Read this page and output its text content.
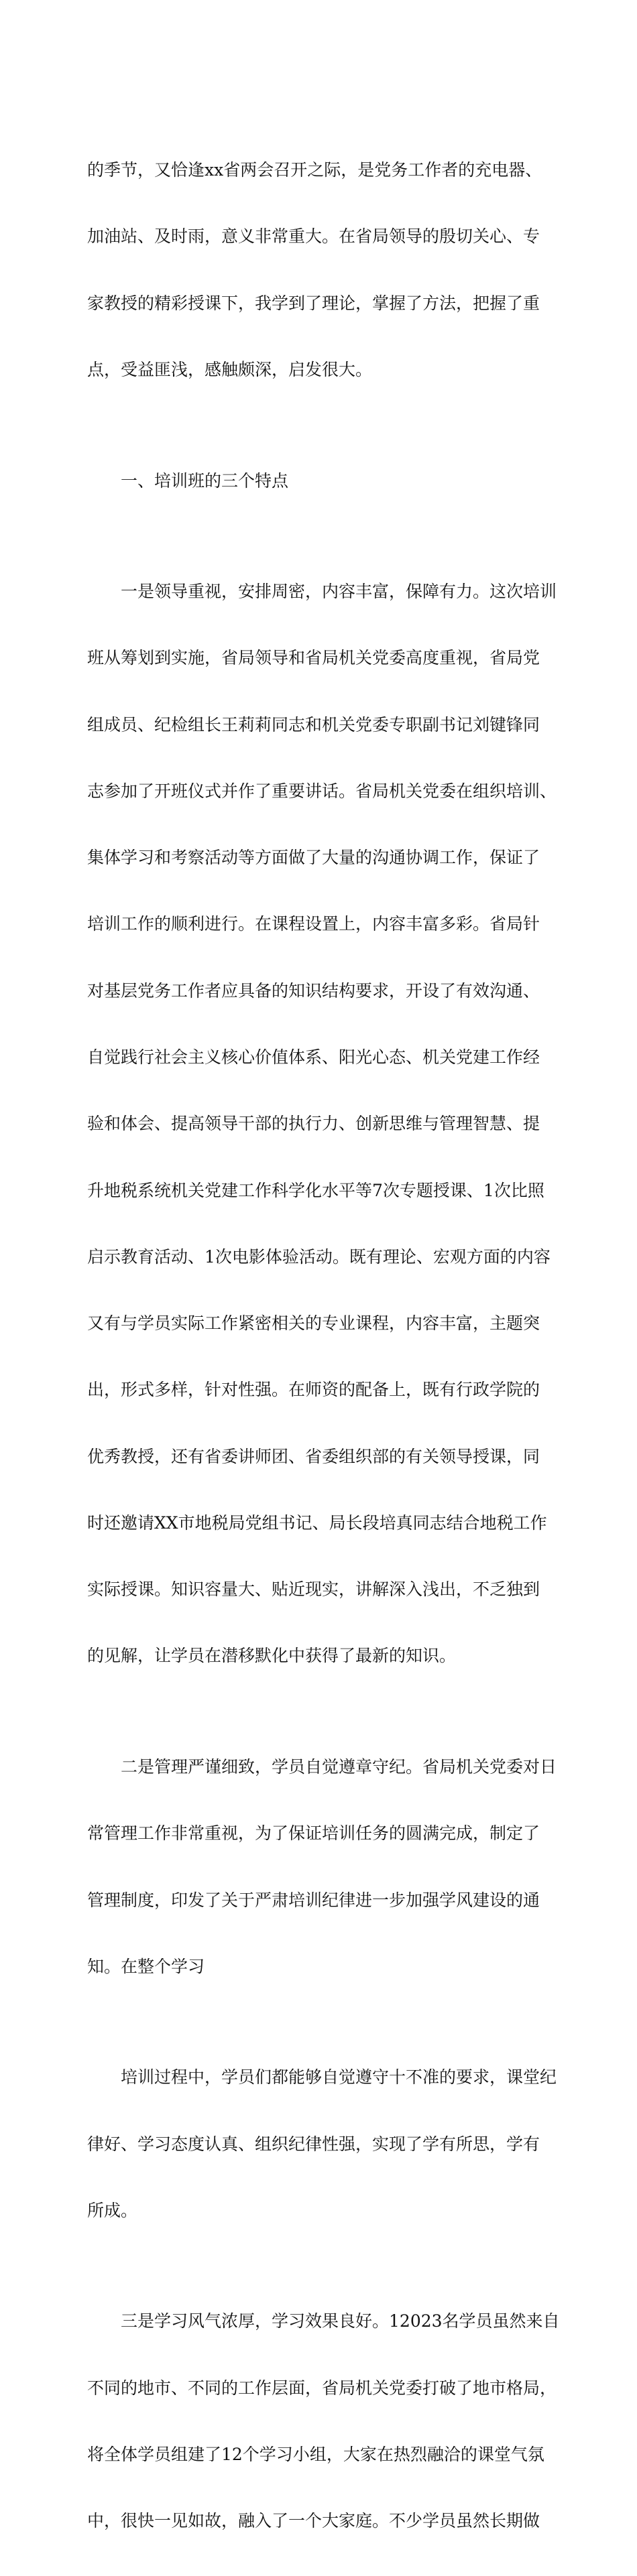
的季节，又恰逢xx省两会召开之际，是党务工作者的充电器、

加油站、及时雨，意义非常重大。在省局领导的殷切关心、专

家教授的精彩授课下，我学到了理论，掌握了方法，把握了重

点，受益匪浅，感触颇深，启发很大。

　　一、培训班的三个特点

　　一是领导重视，安排周密，内容丰富，保障有力。这次培训

班从筹划到实施，省局领导和省局机关党委高度重视，省局党

组成员、纪检组长王莉莉同志和机关党委专职副书记刘键锋同

志参加了开班仪式并作了重要讲话。省局机关党委在组织培训、

集体学习和考察活动等方面做了大量的沟通协调工作，保证了

培训工作的顺利进行。在课程设置上，内容丰富多彩。省局针

对基层党务工作者应具备的知识结构要求，开设了有效沟通、

自觉践行社会主义核心价值体系、阳光心态、机关党建工作经

验和体会、提高领导干部的执行力、创新思维与管理智慧、提

升地税系统机关党建工作科学化水平等7次专题授课、1次比照

启示教育活动、1次电影体验活动。既有理论、宏观方面的内容

又有与学员实际工作紧密相关的专业课程，内容丰富，主题突

出，形式多样，针对性强。在师资的配备上，既有行政学院的

优秀教授，还有省委讲师团、省委组织部的有关领导授课，同

时还邀请XX市地税局党组书记、局长段培真同志结合地税工作

实际授课。知识容量大、贴近现实，讲解深入浅出，不乏独到

的见解，让学员在潜移默化中获得了最新的知识。

　　二是管理严谨细致，学员自觉遵章守纪。省局机关党委对日

常管理工作非常重视，为了保证培训任务的圆满完成，制定了

管理制度，印发了关于严肃培训纪律进一步加强学风建设的通

知。在整个学习

　　培训过程中，学员们都能够自觉遵守十不准的要求，课堂纪

律好、学习态度认真、组织纪律性强，实现了学有所思，学有

所成。

　　三是学习风气浓厚，学习效果良好。12023名学员虽然来自

不同的地市、不同的工作层面，省局机关党委打破了地市格局，

将全体学员组建了12个学习小组，大家在热烈融洽的课堂气氛

中，很快一见如故，融入了一个大家庭。不少学员虽然长期做
